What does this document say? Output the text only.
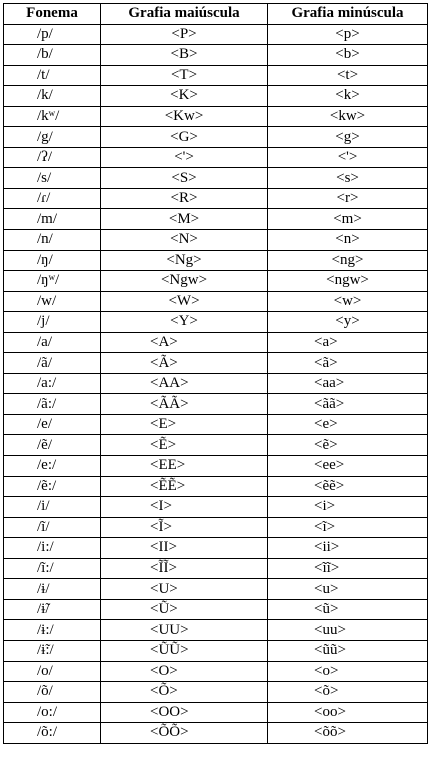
Fonema	Grafia maiúscula	Grafia minúscula
/p/	<P>	<p>
/b/	<B>	<b>
/t/	<T>	<t>
/k/	<K>	<k>
/kʷ/	<Kw>	<kw>
/g/	<G>	<g>
/ʔ/	<'>	<'>
/s/	<S>	<s>
/ɾ/	<R>	<r>
/m/	<M>	<m>
/n/	<N>	<n>
/ŋ/	<Ng>	<ng>
/ŋʷ/	<Ngw>	<ngw>
/w/	<W>	<w>
/j/	<Y>	<y>
/a/	<A>	<a>
/ã/	<Ã>	<ã>
/a:/	<AA>	<aa>
/ã:/	<ÃÃ>	<ãã>
/e/	<E>	<e>
/ẽ/	<Ẽ>	<ẽ>
/e:/	<EE>	<ee>
/ẽ:/	<ẼẼ>	<ẽẽ>
/i/	<I>	<i>
/ĩ/	<Ĩ>	<ĩ>
/i:/	<II>	<ii>
/ĩ:/	<ĨĨ>	<ĩĩ>
/ɨ/	<U>	<u>
/ɨ̃/	<Ũ>	<ũ>
/ɨ:/	<UU>	<uu>
/ɨ̃:/	<ŨŨ>	<ũũ>
/o/	<O>	<o>
/õ/	<Õ>	<õ>
/o:/	<OO>	<oo>
/õ:/	<ÕÕ>	<õõ>
